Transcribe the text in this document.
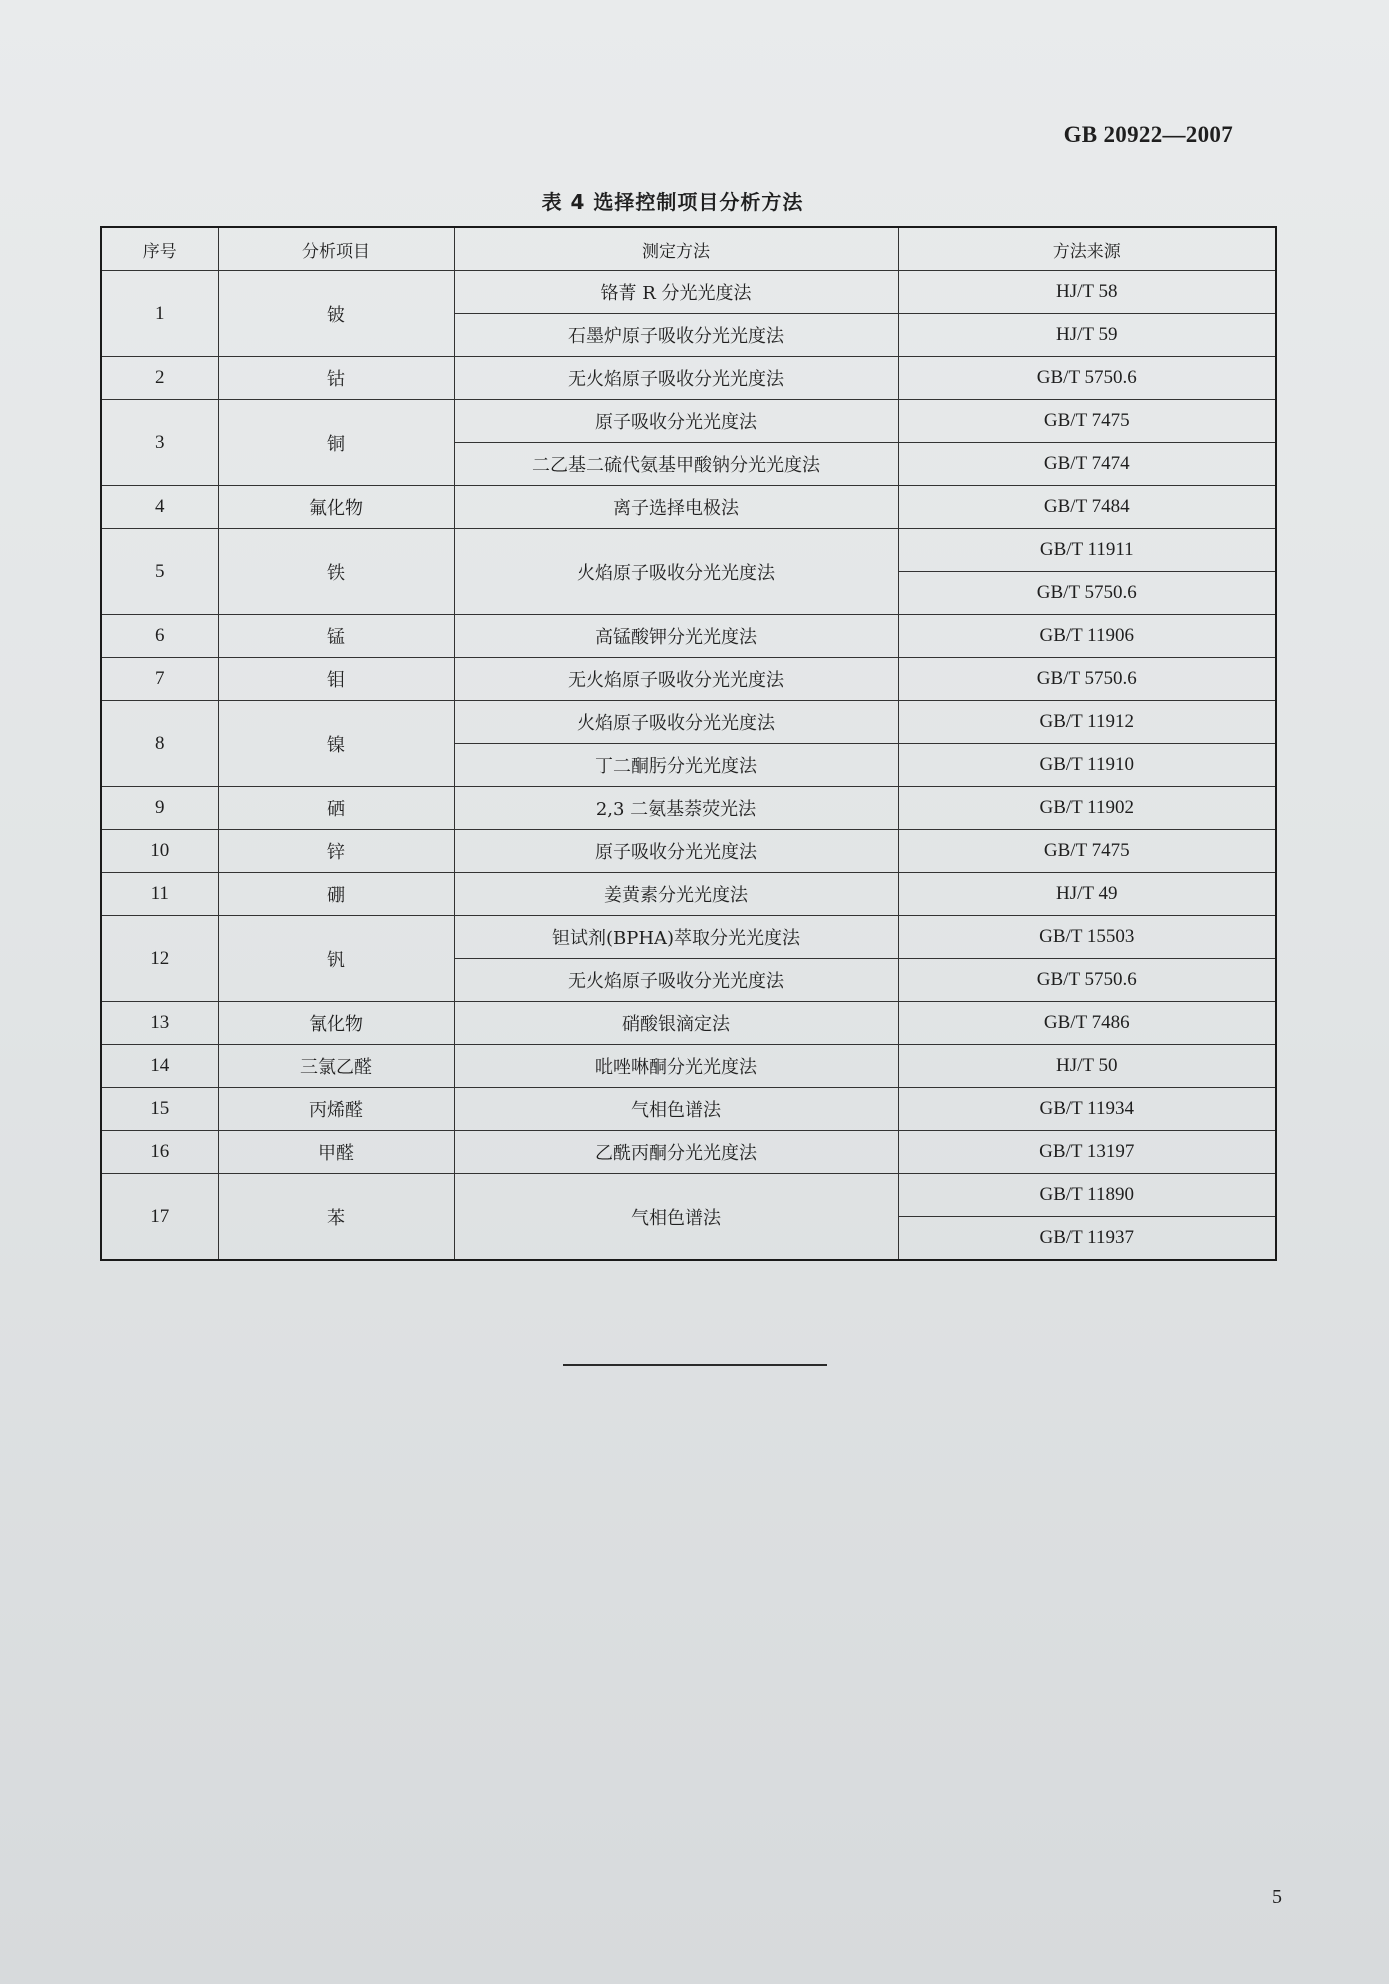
GB 20922—2007
表 4 选择控制项目分析方法
序号	分析项目	测定方法	方法来源
1	铍	铬菁 R 分光光度法	HJ/T 58
		石墨炉原子吸收分光光度法	HJ/T 59
2	钴	无火焰原子吸收分光光度法	GB/T 5750.6
3	铜	原子吸收分光光度法	GB/T 7475
		二乙基二硫代氨基甲酸钠分光光度法	GB/T 7474
4	氟化物	离子选择电极法	GB/T 7484
5	铁	火焰原子吸收分光光度法	GB/T 11911
			GB/T 5750.6
6	锰	高锰酸钾分光光度法	GB/T 11906
7	钼	无火焰原子吸收分光光度法	GB/T 5750.6
8	镍	火焰原子吸收分光光度法	GB/T 11912
		丁二酮肟分光光度法	GB/T 11910
9	硒	2,3 二氨基萘荧光法	GB/T 11902
10	锌	原子吸收分光光度法	GB/T 7475
11	硼	姜黄素分光光度法	HJ/T 49
12	钒	钽试剂(BPHA)萃取分光光度法	GB/T 15503
		无火焰原子吸收分光光度法	GB/T 5750.6
13	氰化物	硝酸银滴定法	GB/T 7486
14	三氯乙醛	吡唑啉酮分光光度法	HJ/T 50
15	丙烯醛	气相色谱法	GB/T 11934
16	甲醛	乙酰丙酮分光光度法	GB/T 13197
17	苯	气相色谱法	GB/T 11890
			GB/T 11937
5
